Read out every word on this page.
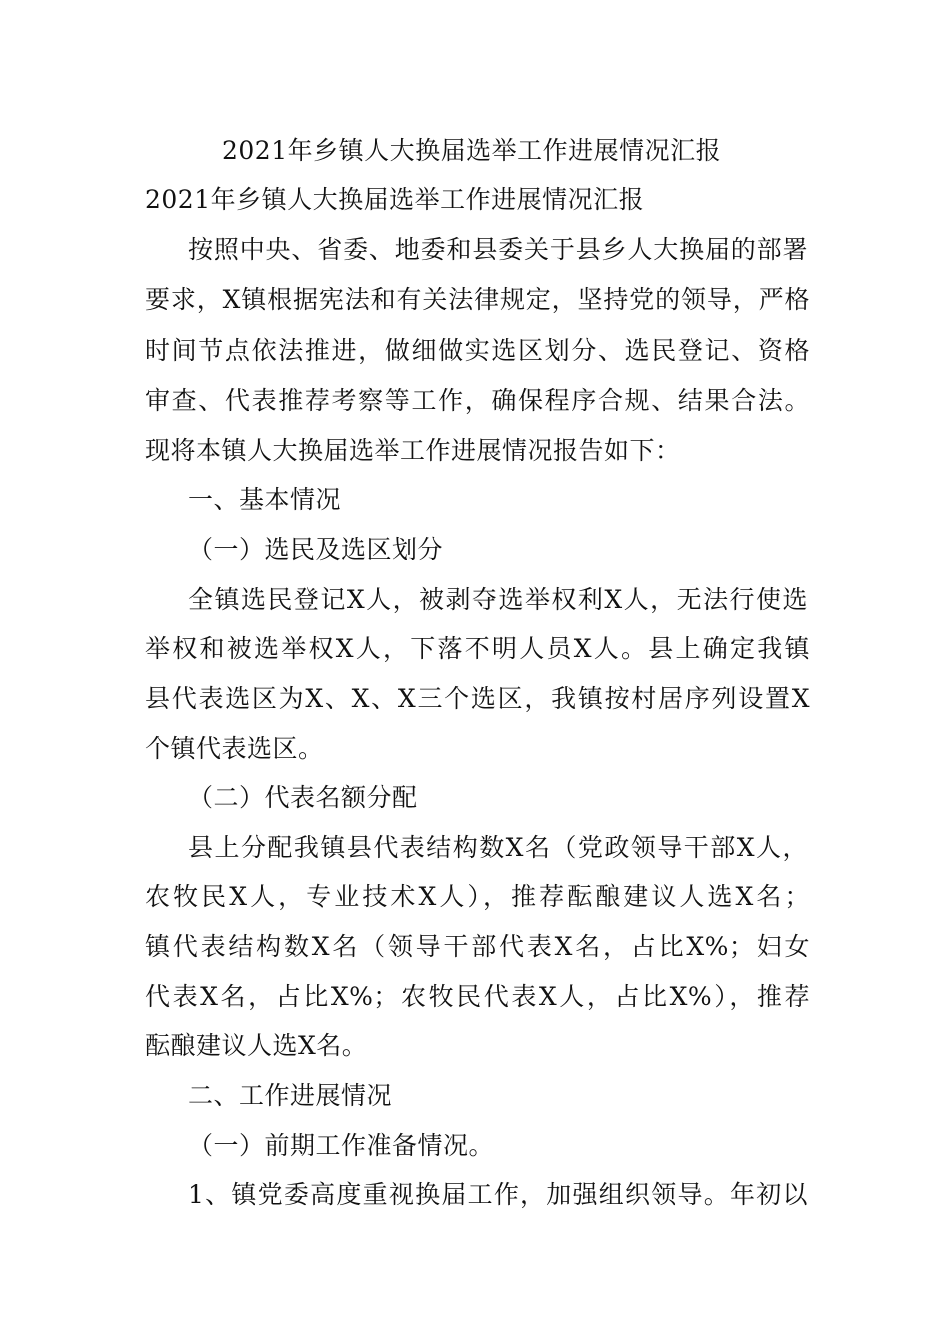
2021年乡镇人大换届选举工作进展情况汇报
2021年乡镇人大换届选举工作进展情况汇报
按照中央、省委、地委和县委关于县乡人大换届的部署
要求，X镇根据宪法和有关法律规定，坚持党的领导，严格
时间节点依法推进，做细做实选区划分、选民登记、资格
审查、代表推荐考察等工作，确保程序合规、结果合法。
现将本镇人大换届选举工作进展情况报告如下：
一、基本情况
（一）选民及选区划分
全镇选民登记X人，被剥夺选举权利X人，无法行使选
举权和被选举权X人，下落不明人员X人。县上确定我镇
县代表选区为X、X、X三个选区，我镇按村居序列设置X
个镇代表选区。
（二）代表名额分配
县上分配我镇县代表结构数X名（党政领导干部X人，
农牧民X人，专业技术X人），推荐酝酿建议人选X名；
镇代表结构数X名（领导干部代表X名，占比X%；妇女
代表X名，占比X%；农牧民代表X人，占比X%），推荐
酝酿建议人选X名。
二、工作进展情况
（一）前期工作准备情况。
1、镇党委高度重视换届工作，加强组织领导。年初以
